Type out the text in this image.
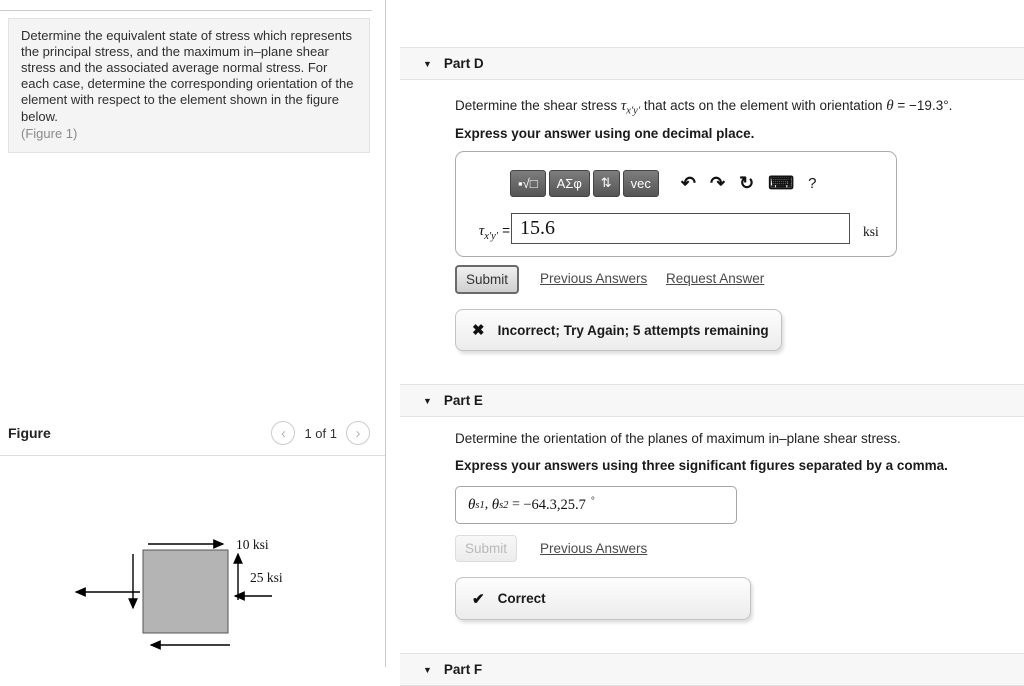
Determine the equivalent state of stress which represents the principal stress, and the maximum in–plane shear stress and the associated average normal stress. For each case, determine the corresponding orientation of the element with respect to the element shown in the figure below.
(Figure 1)
Figure	‹ 1 of 1 ›
10 ksi
25 ksi
▼ Part D
Determine the shear stress $\tau_{x'y'}$ that acts on the element with orientation θ = −19.3°.
Express your answer using one decimal place.
▪√□ ΑΣφ ⇅ vec	↶ ↷ ↻ ⌨ ?
$\tau_{x'y'}$ =
15.6	ksi
Submit	Previous Answers Request Answer
✖ Incorrect; Try Again; 5 attempts remaining
▼ Part E
Determine the orientation of the planes of maximum in–plane shear stress.
Express your answers using three significant figures separated by a comma.
θ s1 , θ s2 = −64.3,25.7 °
Submit	Previous Answers
✔ Correct
▼ Part F
